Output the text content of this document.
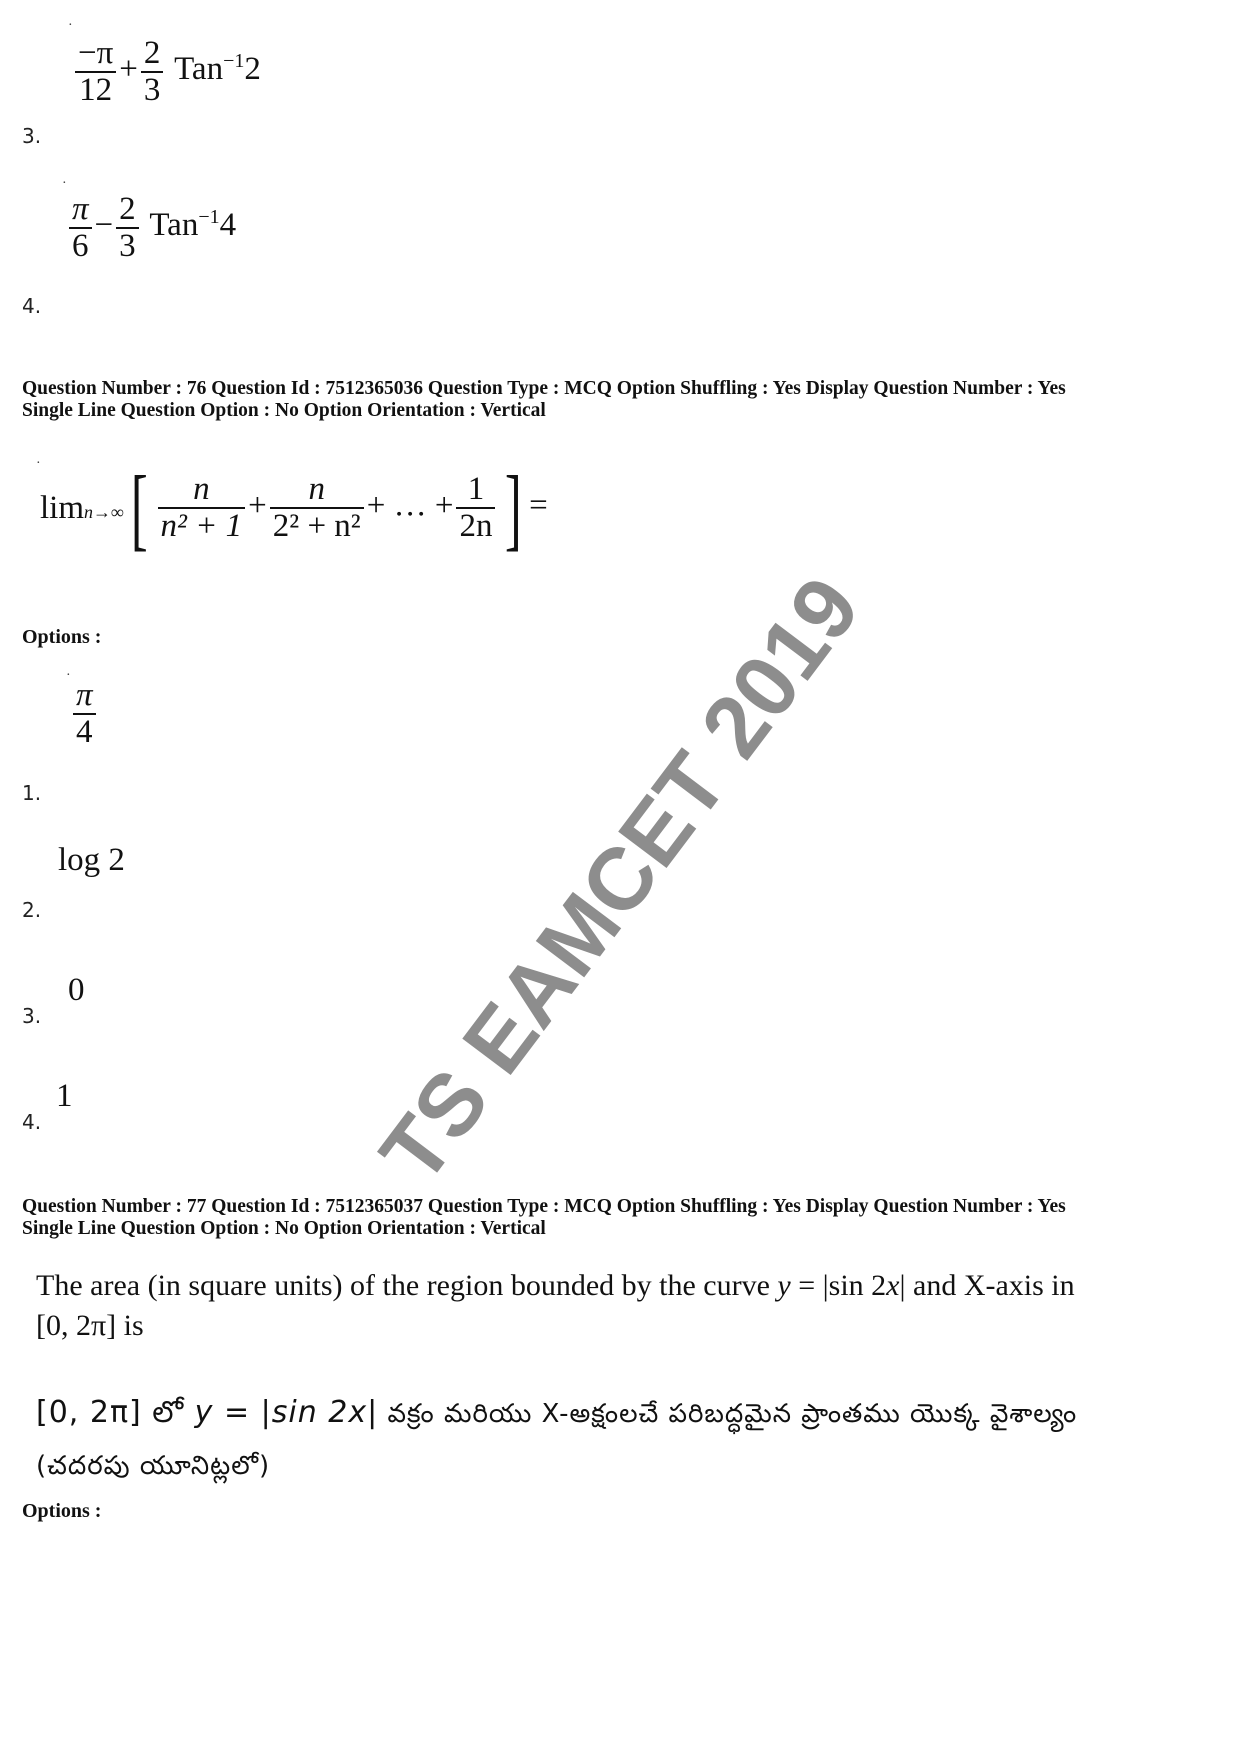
·
$\frac{-\pi}{12} + \frac{2}{3} Tan^{-1}2$
3.
·
$\frac{\pi}{6} - \frac{2}{3} Tan^{-1}4$
4.
Question Number : 76 Question Id : 7512365036 Question Type : MCQ Option Shuffling : Yes Display Question Number : Yes
Single Line Question Option : No Option Orientation : Vertical
·
$\lim n\to\infty[ \frac{n}{\text{n² + 1}} + \frac{n}{\text{2² + n²}}$ + … + $\frac{1}{2n}$ ] =
Options :
·
$\frac{\pi}{4}$
1.
log 2
2.
0
3.
1
4.
Question Number : 77 Question Id : 7512365037 Question Type : MCQ Option Shuffling : Yes Display Question Number : Yes
Single Line Question Option : No Option Orientation : Vertical
The area (in square units) of the region bounded by the curve y = |sin 2x| and X-axis in
[0, 2π] is
[0, 2π] లో y = |sin 2x| వక్రం మరియు X-అక్షంలచే పరిబద్ధమైన ప్రాంతము యొక్క వైశాల్యం
(చదరపు యూనిట్లలో)
Options :
TS EAMCET 2019
